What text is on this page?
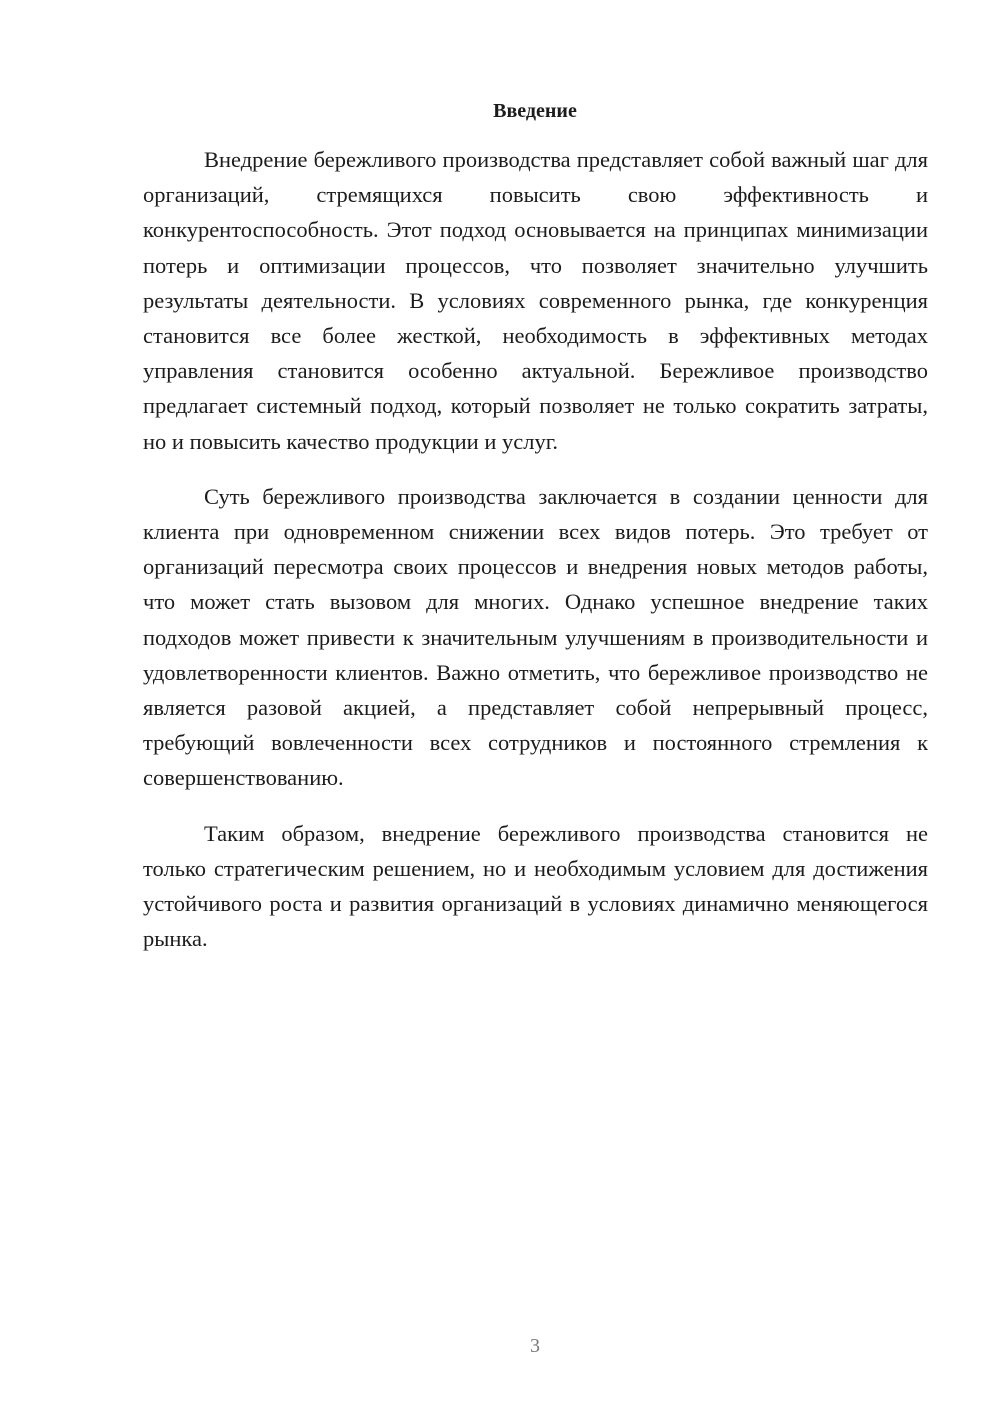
Введение

Внедрение бережливого производства представляет собой важный шаг для организаций, стремящихся повысить свою эффективность и конкурентоспособность. Этот подход основывается на принципах минимизации потерь и оптимизации процессов, что позволяет значительно улучшить результаты деятельности. В условиях современного рынка, где конкуренция становится все более жесткой, необходимость в эффективных методах управления становится особенно актуальной. Бережливое производство предлагает системный подход, который позволяет не только сократить затраты, но и повысить качество продукции и услуг.

Суть бережливого производства заключается в создании ценности для клиента при одновременном снижении всех видов потерь. Это требует от организаций пересмотра своих процессов и внедрения новых методов работы, что может стать вызовом для многих. Однако успешное внедрение таких подходов может привести к значительным улучшениям в производительности и удовлетворенности клиентов. Важно отметить, что бережливое производство не является разовой акцией, а представляет собой непрерывный процесс, требующий вовлеченности всех сотрудников и постоянного стремления к совершенствованию.

Таким образом, внедрение бережливого производства становится не только стратегическим решением, но и необходимым условием для достижения устойчивого роста и развития организаций в условиях динамично меняющегося рынка.

3
